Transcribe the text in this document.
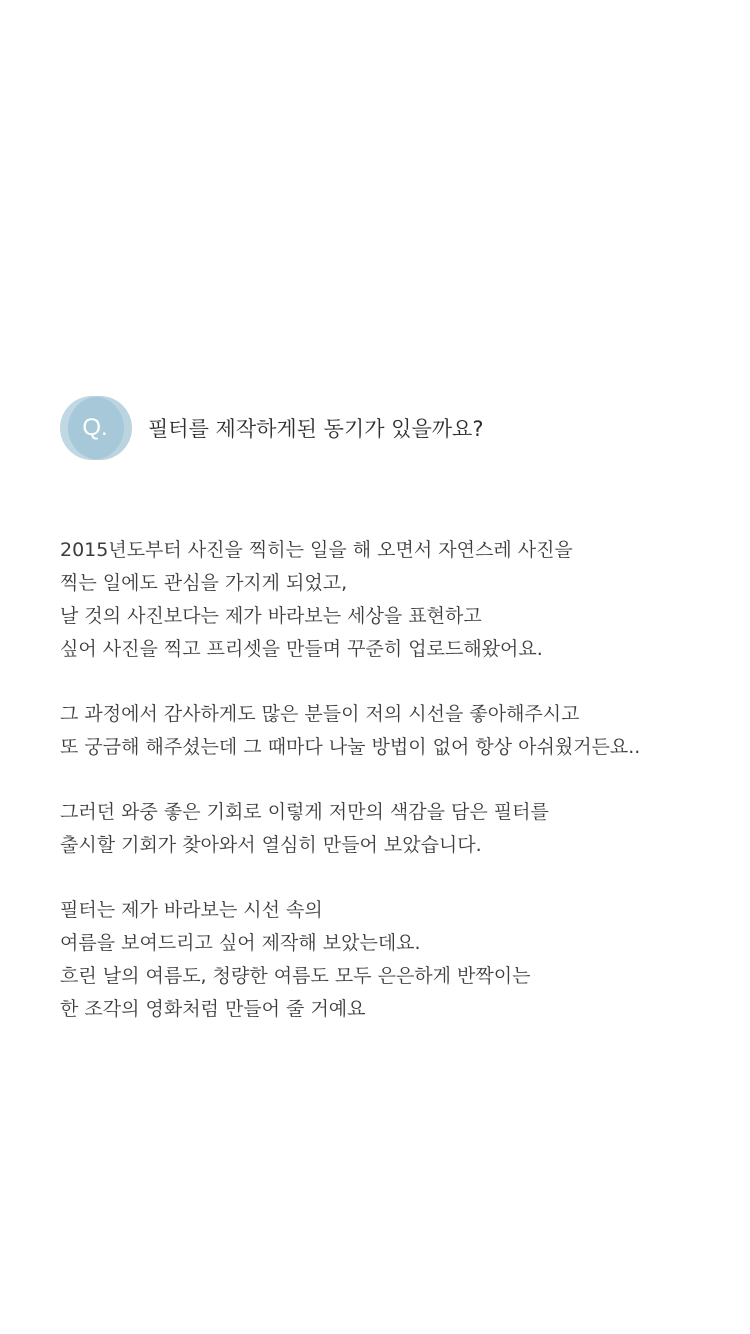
Q.	필터를 제작하게된 동기가 있을까요?
2015년도부터 사진을 찍히는 일을 해 오면서 자연스레 사진을
찍는 일에도 관심을 가지게 되었고,
날 것의 사진보다는 제가 바라보는 세상을 표현하고
싶어 사진을 찍고 프리셋을 만들며 꾸준히 업로드해왔어요.
그 과정에서 감사하게도 많은 분들이 저의 시선을 좋아해주시고
또 궁금해 해주셨는데 그 때마다 나눌 방법이 없어 항상 아쉬웠거든요..
그러던 와중 좋은 기회로 이렇게 저만의 색감을 담은 필터를
출시할 기회가 찾아와서 열심히 만들어 보았습니다.
필터는 제가 바라보는 시선 속의
여름을 보여드리고 싶어 제작해 보았는데요.
흐린 날의 여름도, 청량한 여름도 모두 은은하게 반짝이는
한 조각의 영화처럼 만들어 줄 거예요
